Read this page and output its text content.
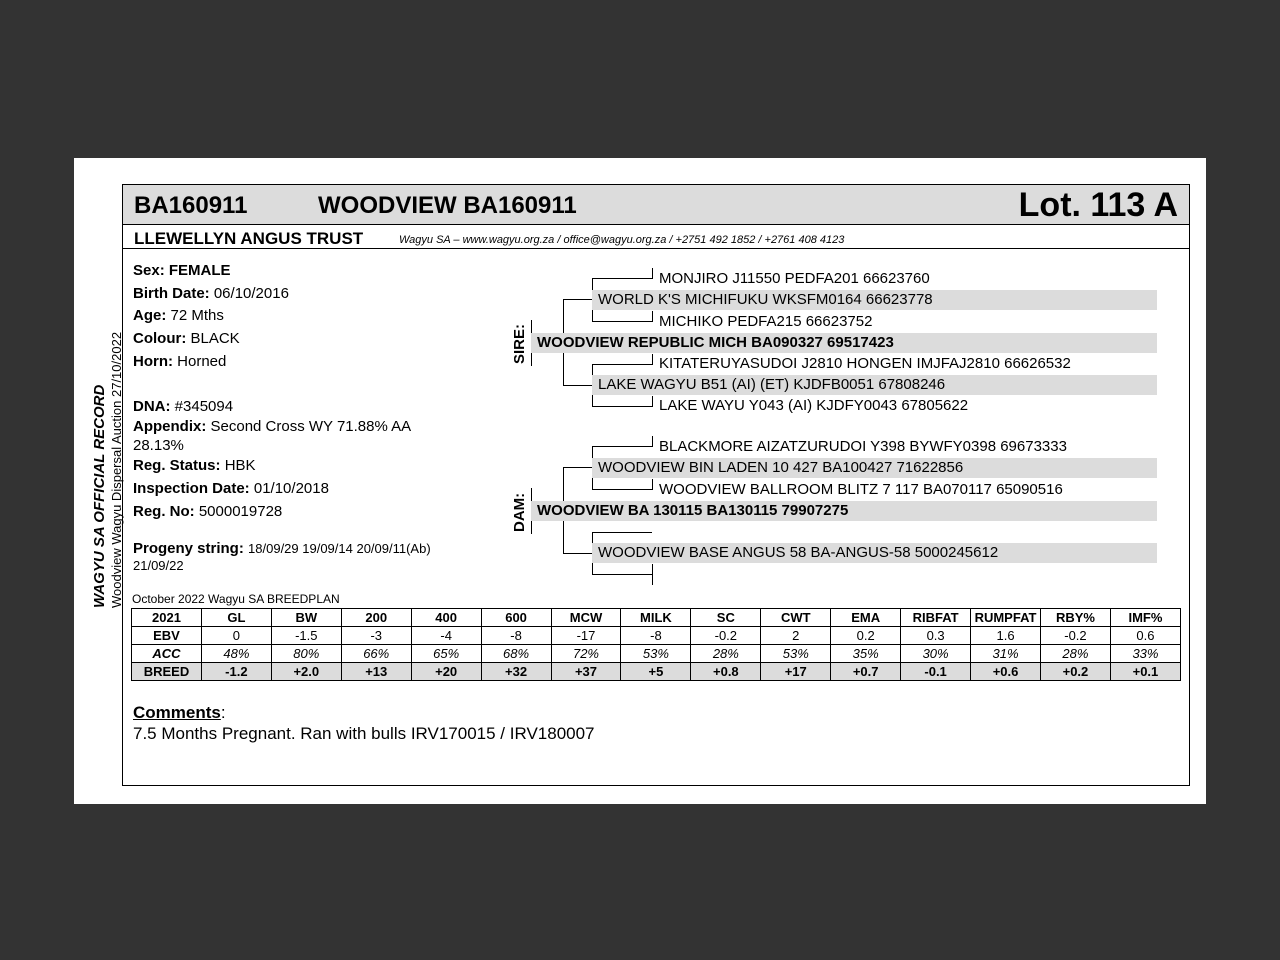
WAGYU SA OFFICIAL RECORD Woodview Wagyu Dispersal Auction 27/10/2022
BA160911	WOODVIEW BA160911	Lot. 113 A
LLEWELLYN ANGUS TRUST	Wagyu SA – www.wagyu.org.za / office@wagyu.org.za / +2751 492 1852 / +2761 408 4123
Sex: FEMALE
Birth Date: 06/10/2016
Age: 72 Mths
Colour: BLACK
Horn: Horned
DNA: #345094
Appendix: Second Cross WY 71.88% AA
28.13%
Reg. Status: HBK
Inspection Date: 01/10/2018
Reg. No: 5000019728
Progeny string: 18/09/29 19/09/14 20/09/11(Ab)
21/09/22
SIRE:
DAM:
MONJIRO J11550 PEDFA201 66623760
WORLD K'S MICHIFUKU WKSFM0164 66623778
MICHIKO PEDFA215 66623752
WOODVIEW REPUBLIC MICH BA090327 69517423
KITATERUYASUDOI J2810 HONGEN IMJFAJ2810 66626532
LAKE WAGYU B51 (AI) (ET) KJDFB0051 67808246
LAKE WAYU Y043 (AI) KJDFY0043 67805622
BLACKMORE AIZATZURUDOI Y398 BYWFY0398 69673333
WOODVIEW BIN LADEN 10 427 BA100427 71622856
WOODVIEW BALLROOM BLITZ 7 117 BA070117 65090516
WOODVIEW BA 130115 BA130115 79907275
WOODVIEW BASE ANGUS 58 BA-ANGUS-58 5000245612
October 2022 Wagyu SA BREEDPLAN
2021	GL	BW	200	400	600	MCW	MILK	SC	CWT	EMA	RIBFAT	RUMPFAT	RBY%	IMF%
EBV	0	-1.5	-3	-4	-8	-17	-8	-0.2	2	0.2	0.3	1.6	-0.2	0.6
ACC	48%	80%	66%	65%	68%	72%	53%	28%	53%	35%	30%	31%	28%	33%
BREED	-1.2	+2.0	+13	+20	+32	+37	+5	+0.8	+17	+0.7	-0.1	+0.6	+0.2	+0.1
Comments:
7.5 Months Pregnant. Ran with bulls IRV170015 / IRV180007
